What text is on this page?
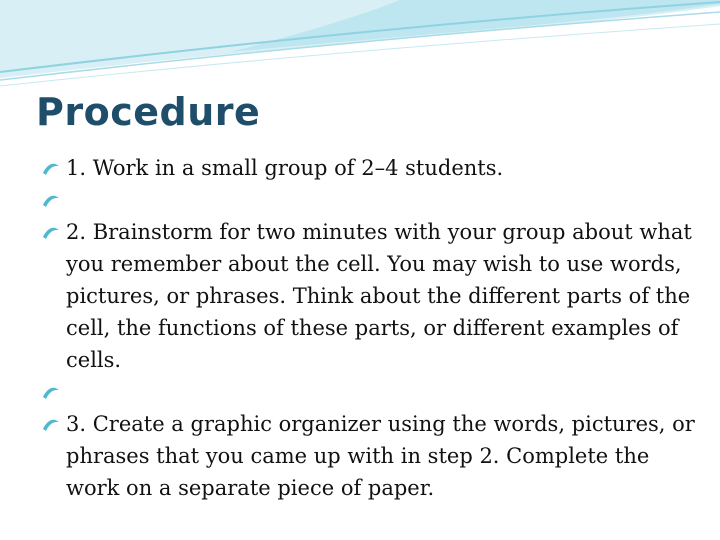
Procedure
1. Work in a small group of 2–4 students.

2. Brainstorm for two minutes with your group about what you remember about the cell. You may wish to use words, pictures, or phrases. Think about the different parts of the cell, the functions of these parts, or different examples of cells.

3. Create a graphic organizer using the words, pictures, or phrases that you came up with in step 2. Complete the work on a separate piece of paper.
